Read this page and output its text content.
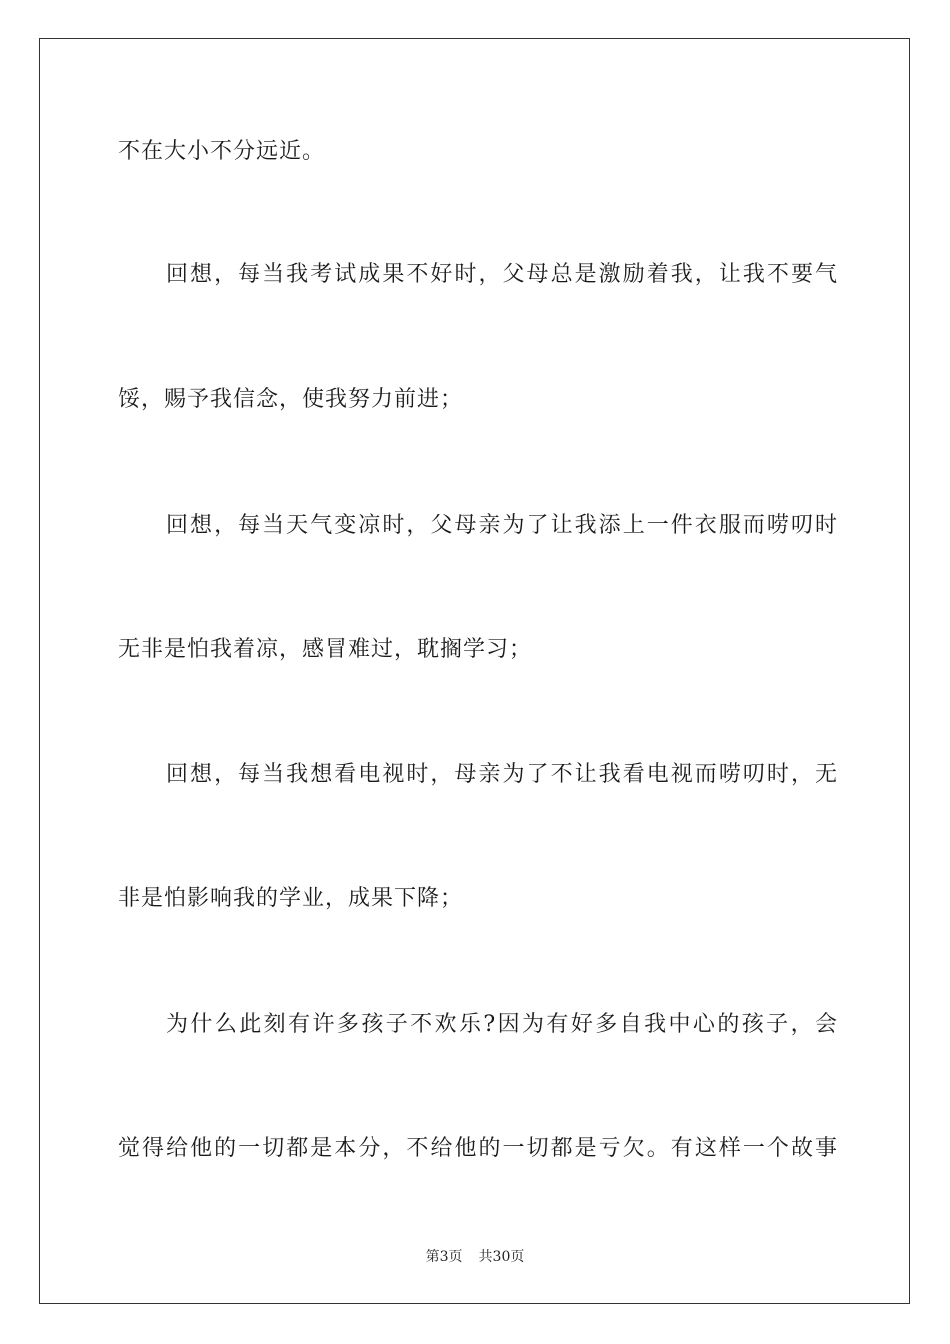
不在大小不分远近。
回想，每当我考试成果不好时，父母总是激励着我，让我不要气
馁，赐予我信念，使我努力前进；
回想，每当天气变凉时，父母亲为了让我添上一件衣服而唠叨时
无非是怕我着凉，感冒难过，耽搁学习；
回想，每当我想看电视时，母亲为了不让我看电视而唠叨时，无
非是怕影响我的学业，成果下降；
为什么此刻有许多孩子不欢乐?因为有好多自我中心的孩子，会
觉得给他的一切都是本分，不给他的一切都是亏欠。有这样一个故事
第3页 共30页
